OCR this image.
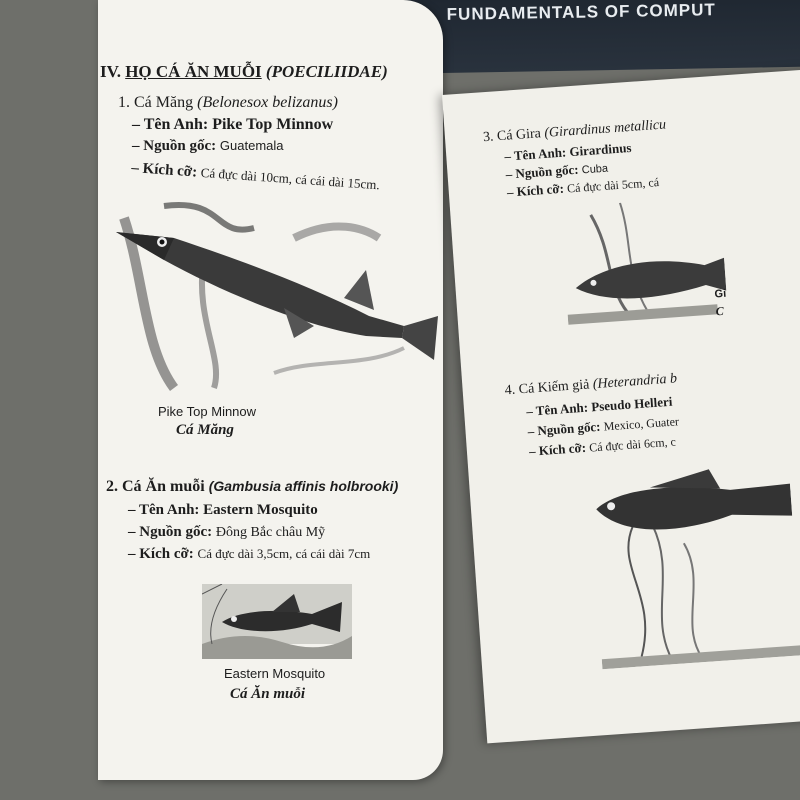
FUNDAMENTALS OF COMPUT
IV. HỌ CÁ ĂN MUỖI (POECILIIDAE)
1. Cá Măng (Belonesox belizanus)
– Tên Anh: Pike Top Minnow
– Nguồn gốc: Guatemala
– Kích cỡ: Cá đực dài 10cm, cá cái dài 15cm.
Pike Top Minnow
Cá Măng
2. Cá Ăn muỗi (Gambusia affinis holbrooki)
– Tên Anh: Eastern Mosquito
– Nguồn gốc: Đông Bắc châu Mỹ
– Kích cỡ: Cá đực dài 3,5cm, cá cái dài 7cm
Eastern Mosquito
Cá Ăn muỗi
3. Cá Gira (Girardinus metallicu
– Tên Anh: Girardinus
– Nguồn gốc: Cuba
– Kích cỡ: Cá đực dài 5cm, cá
Gi
C
4. Cá Kiếm giả (Heterandria b
– Tên Anh: Pseudo Helleri
– Nguồn gốc: Mexico, Guater
– Kích cỡ: Cá đực dài 6cm, c
